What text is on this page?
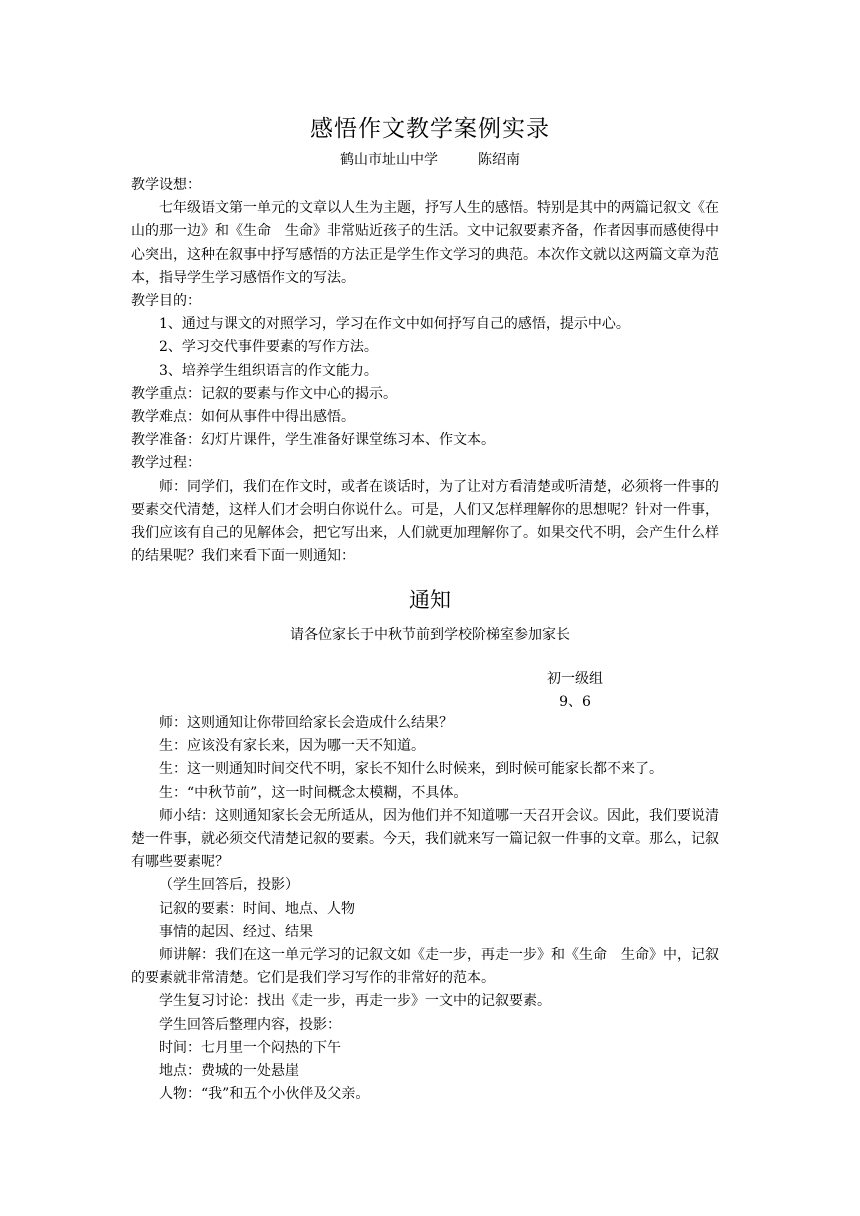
感悟作文教学案例实录
鹤山市址山中学	陈绍南

教学设想：

七年级语文第一单元的文章以人生为主题，抒写人生的感悟。特别是其中的两篇记叙文《在山的那一边》和《生命　生命》非常贴近孩子的生活。文中记叙要素齐备，作者因事而感使得中心突出，这种在叙事中抒写感悟的方法正是学生作文学习的典范。本次作文就以这两篇文章为范本，指导学生学习感悟作文的写法。

教学目的：

1、通过与课文的对照学习，学习在作文中如何抒写自己的感悟，提示中心。

2、学习交代事件要素的写作方法。

3、培养学生组织语言的作文能力。

教学重点：记叙的要素与作文中心的揭示。

教学难点：如何从事件中得出感悟。

教学准备：幻灯片课件，学生准备好课堂练习本、作文本。

教学过程：

师：同学们，我们在作文时，或者在谈话时，为了让对方看清楚或听清楚，必须将一件事的要素交代清楚，这样人们才会明白你说什么。可是，人们又怎样理解你的思想呢？针对一件事，我们应该有自己的见解体会，把它写出来，人们就更加理解你了。如果交代不明，会产生什么样的结果呢？我们来看下面一则通知：

通知
请各位家长于中秋节前到学校阶梯室参加家长
初一级组
9、6

师：这则通知让你带回给家长会造成什么结果？

生：应该没有家长来，因为哪一天不知道。

生：这一则通知时间交代不明，家长不知什么时候来，到时候可能家长都不来了。

生：“中秋节前”，这一时间概念太模糊，不具体。

师小结：这则通知家长会无所适从，因为他们并不知道哪一天召开会议。因此，我们要说清楚一件事，就必须交代清楚记叙的要素。今天，我们就来写一篇记叙一件事的文章。那么，记叙有哪些要素呢？

（学生回答后，投影）

记叙的要素：时间、地点、人物

事情的起因、经过、结果

师讲解：我们在这一单元学习的记叙文如《走一步，再走一步》和《生命　生命》中，记叙的要素就非常清楚。它们是我们学习写作的非常好的范本。

学生复习讨论：找出《走一步，再走一步》一文中的记叙要素。

学生回答后整理内容，投影：

时间：七月里一个闷热的下午

地点：费城的一处悬崖

人物：“我”和五个小伙伴及父亲。
